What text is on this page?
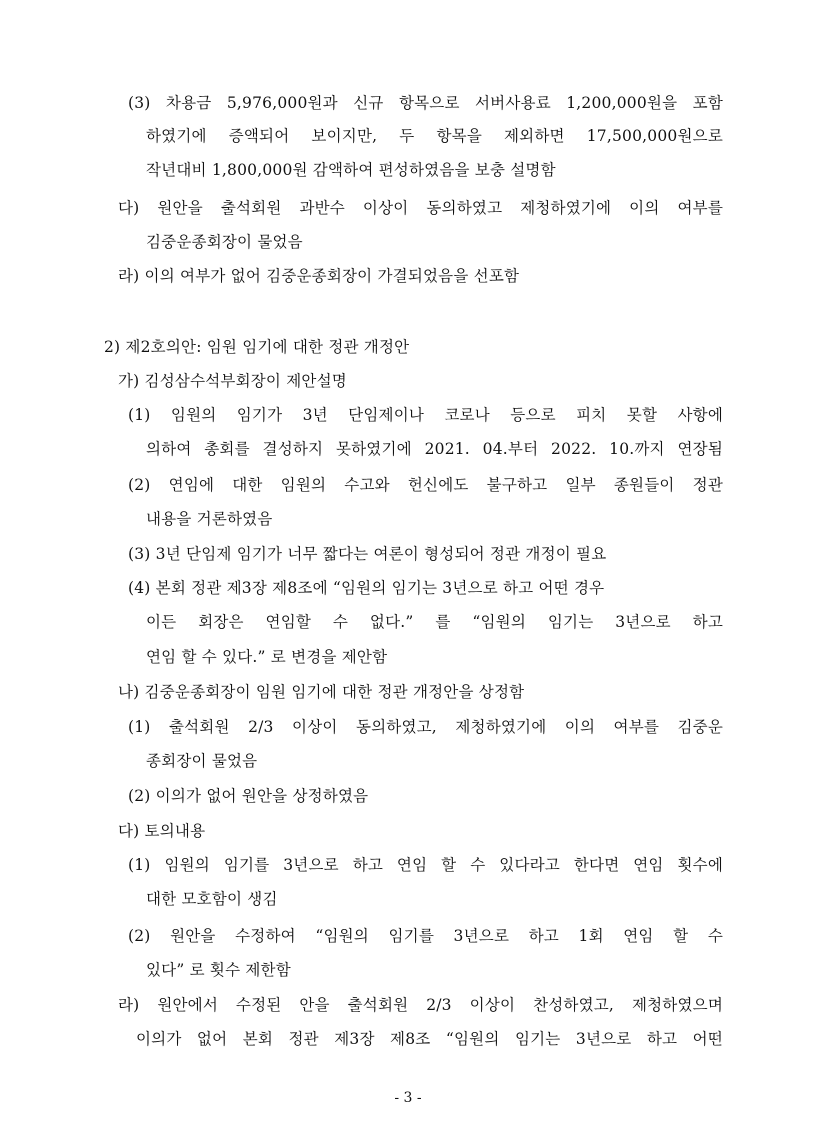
(3) 차용금 5,976,000원과 신규 항목으로 서버사용료 1,200,000원을 포함
하였기에 증액되어 보이지만, 두 항목을 제외하면 17,500,000원으로
작년대비 1,800,000원 감액하여 편성하였음을 보충 설명함
다) 원안을 출석회원 과반수 이상이 동의하였고 제청하였기에 이의 여부를
김중운종회장이 물었음
라) 이의 여부가 없어 김중운종회장이 가결되었음을 선포함
2) 제2호의안: 임원 임기에 대한 정관 개정안
가) 김성삼수석부회장이 제안설명
(1) 임원의 임기가 3년 단임제이나 코로나 등으로 피치 못할 사항에
의하여 총회를 결성하지 못하였기에 2021. 04.부터 2022. 10.까지 연장됨
(2) 연임에 대한 임원의 수고와 헌신에도 불구하고 일부 종원들이 정관
내용을 거론하였음
(3) 3년 단임제 임기가 너무 짧다는 여론이 형성되어 정관 개정이 필요
(4) 본회 정관 제3장 제8조에 “임원의 임기는 3년으로 하고 어떤 경우
이든 회장은 연임할 수 없다.” 를 “임원의 임기는 3년으로 하고
연임 할 수 있다.” 로 변경을 제안함
나) 김중운종회장이 임원 임기에 대한 정관 개정안을 상정함
(1) 출석회원 2/3 이상이 동의하였고, 제청하였기에 이의 여부를 김중운
종회장이 물었음
(2) 이의가 없어 원안을 상정하였음
다) 토의내용
(1) 임원의 임기를 3년으로 하고 연임 할 수 있다라고 한다면 연임 횟수에
대한 모호함이 생김
(2) 원안을 수정하여 “임원의 임기를 3년으로 하고 1회 연임 할 수
있다” 로 횟수 제한함
라) 원안에서 수정된 안을 출석회원 2/3 이상이 찬성하였고, 제청하였으며
이의가 없어 본회 정관 제3장 제8조 “임원의 임기는 3년으로 하고 어떤
- 3 -
